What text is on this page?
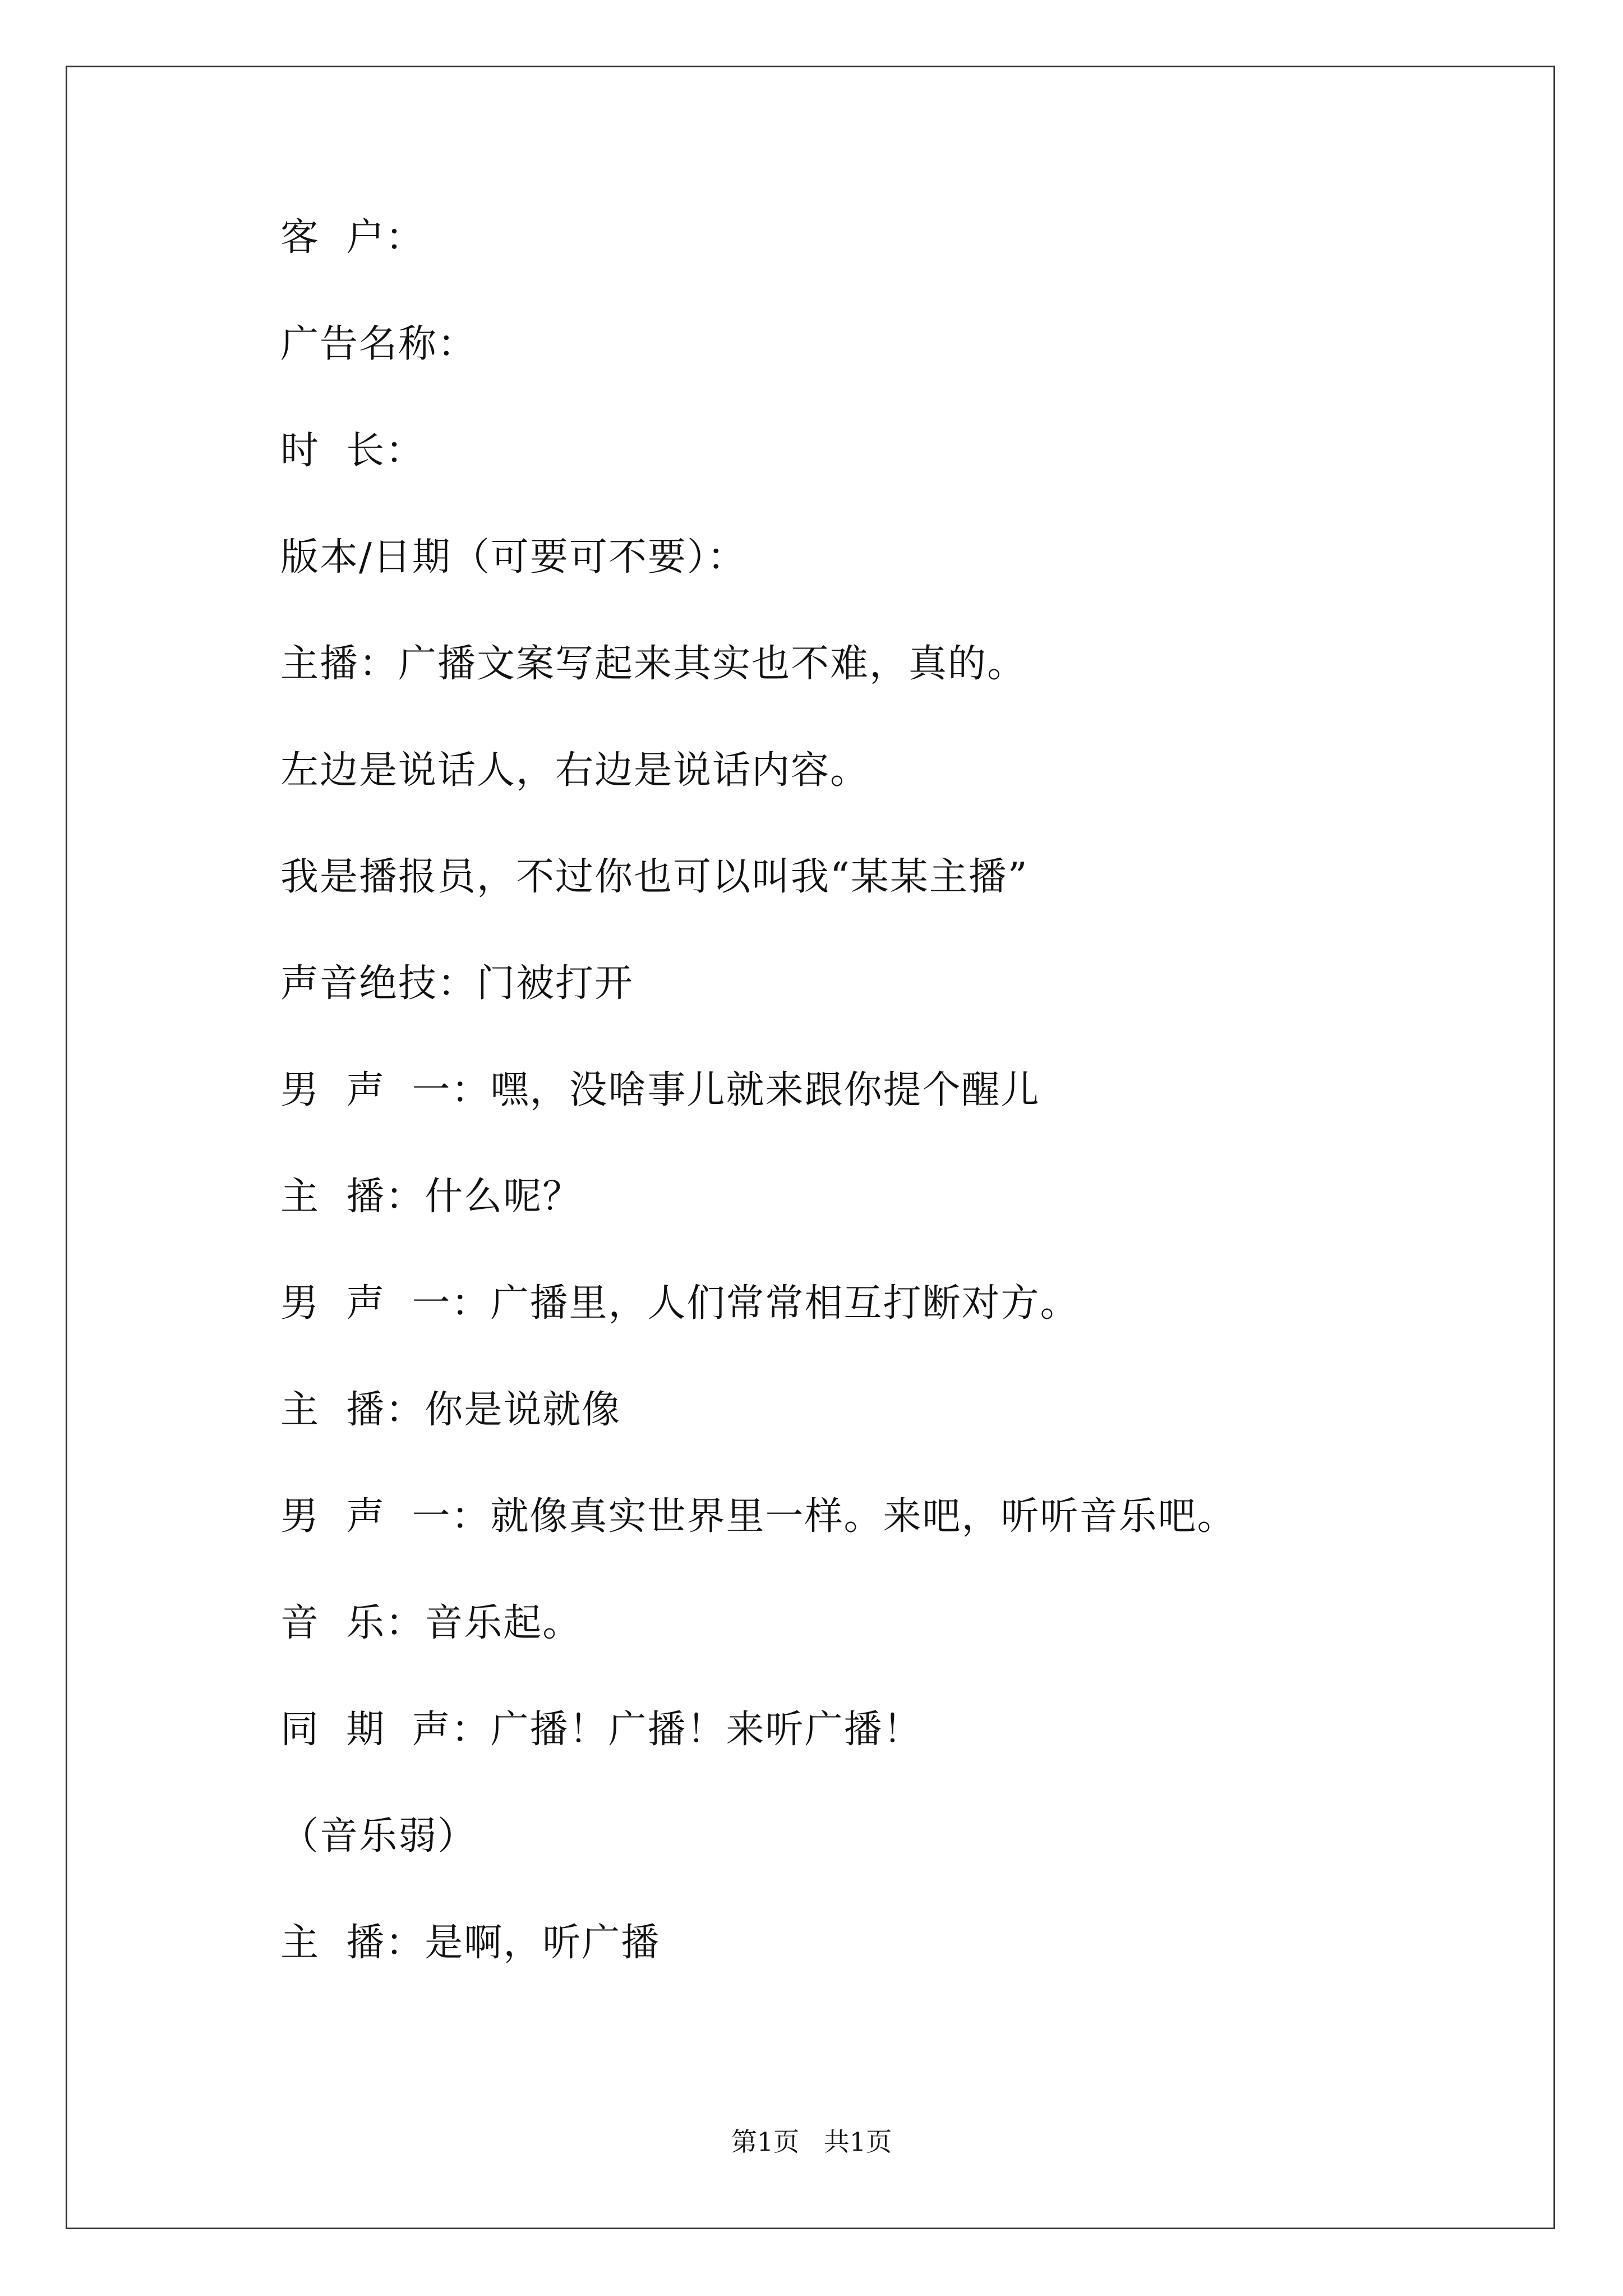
客  户：
广告名称：
时  长：
版本/日期（可要可不要）：
主播：广播文案写起来其实也不难，真的。
左边是说话人，右边是说话内容。
我是播报员，不过你也可以叫我“某某主播”
声音绝技：门被打开
男  声  一：嘿，没啥事儿就来跟你提个醒儿
主  播：什么呢？
男  声  一：广播里，人们常常相互打断对方。
主  播：你是说就像
男  声  一：就像真实世界里一样。来吧，听听音乐吧。
音  乐：音乐起。
同  期  声：广播！广播！来听广播！
（音乐弱）
主  播：是啊，听广播
第1页   共1页
